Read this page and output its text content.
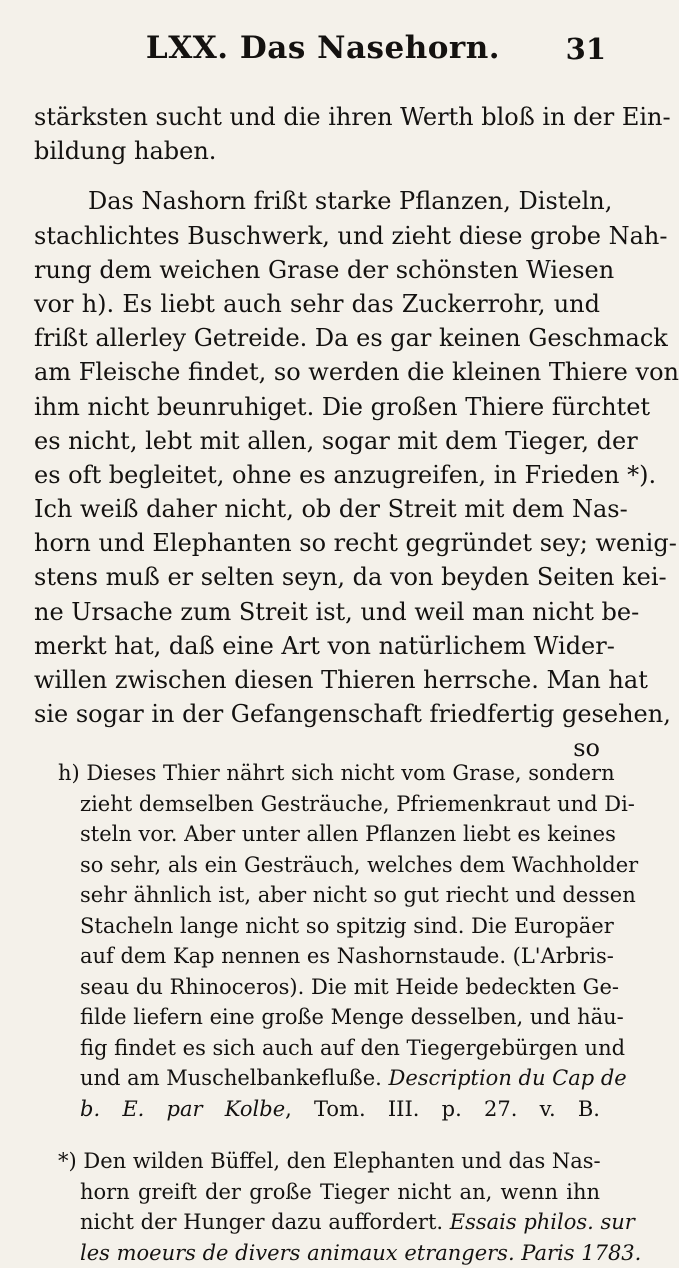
LXX. Das Nasehorn.	31
stärksten sucht und die ihren Werth bloß in der Ein-
bildung haben.
Das Nashorn frißt starke Pflanzen, Disteln,
stachlichtes Buschwerk, und zieht diese grobe Nah-
rung dem weichen Grase der schönsten Wiesen
vor h). Es liebt auch sehr das Zuckerrohr, und
frißt allerley Getreide. Da es gar keinen Geschmack
am Fleische findet, so werden die kleinen Thiere von
ihm nicht beunruhiget. Die großen Thiere fürchtet
es nicht, lebt mit allen, sogar mit dem Tieger, der
es oft begleitet, ohne es anzugreifen, in Frieden *).
Ich weiß daher nicht, ob der Streit mit dem Nas-
horn und Elephanten so recht gegründet sey; wenig-
stens muß er selten seyn, da von beyden Seiten kei-
ne Ursache zum Streit ist, und weil man nicht be-
merkt hat, daß eine Art von natürlichem Wider-
willen zwischen diesen Thieren herrsche. Man hat
sie sogar in der Gefangenschaft friedfertig gesehen,
so
h) Dieses Thier nährt sich nicht vom Grase, sondern
zieht demselben Gesträuche, Pfriemenkraut und Di-
steln vor. Aber unter allen Pflanzen liebt es keines
so sehr, als ein Gesträuch, welches dem Wachholder
sehr ähnlich ist, aber nicht so gut riecht und dessen
Stacheln lange nicht so spitzig sind. Die Europäer
auf dem Kap nennen es Nashornstaude. (L'Arbris-
seau du Rhinoceros). Die mit Heide bedeckten Ge-
filde liefern eine große Menge desselben, und häu-
fig findet es sich auch auf den Tiegergebürgen und
und am Muschelbankefluße. Description du Cap de
b. E. par Kolbe, Tom. III. p. 27. v. B.
*) Den wilden Büffel, den Elephanten und das Nas-
horn greift der große Tieger nicht an, wenn ihn
nicht der Hunger dazu auffordert. Essais philos. sur
les moeurs de divers animaux etrangers. Paris 1783.
